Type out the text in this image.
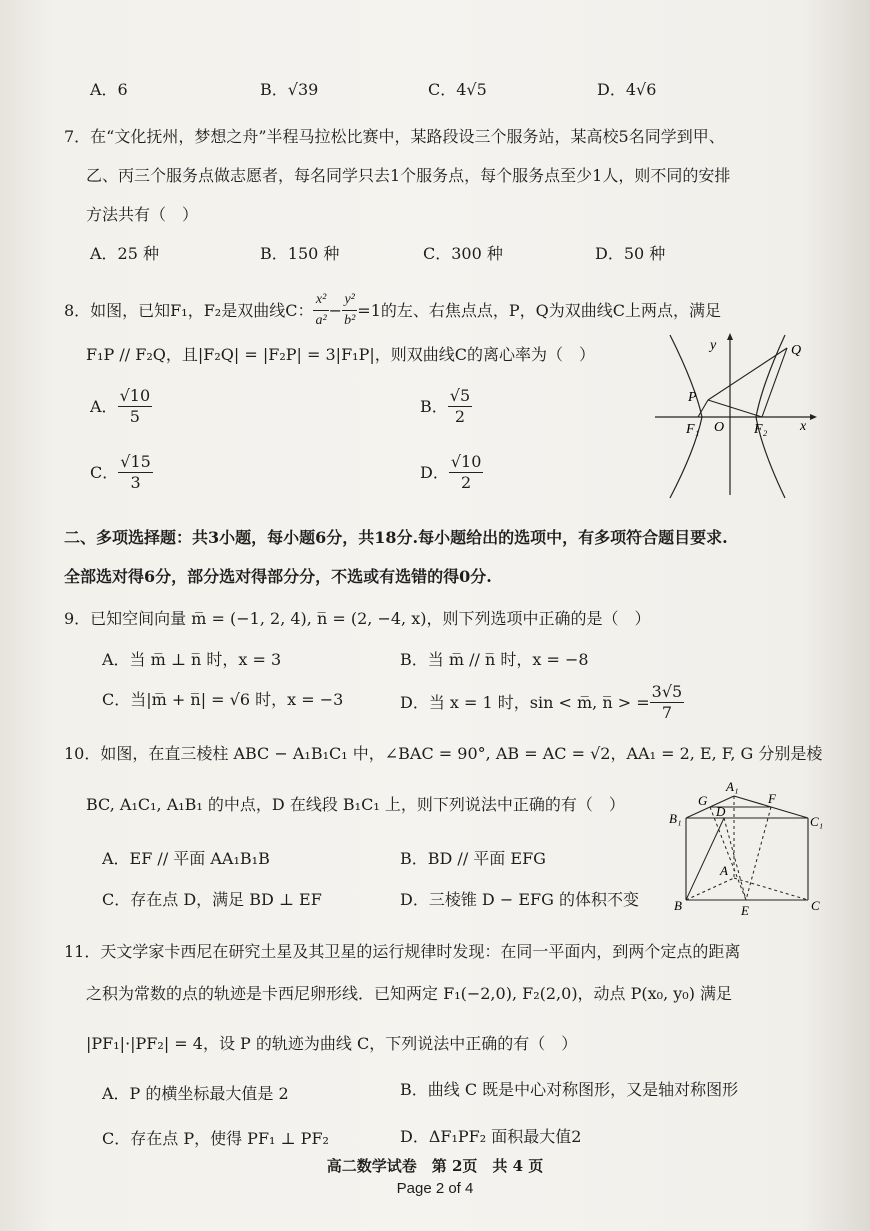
A．6	B．√39	C．4√5	D．4√6
7．在“文化抚州，梦想之舟”半程马拉松比赛中，某路段设三个服务站，某高校5名同学到甲、
乙、丙三个服务点做志愿者，每名同学只去1个服务点，每个服务点至少1人，则不同的安排
方法共有（　）
A．25 种	B．150 种	C．300 种	D．50 种
8．如图，已知F₁，F₂是双曲线C： $\frac{\text{x²}}{\text{a²}} - \frac{\text{y²}}{\text{b²}} =1$ 的左、右焦点点，P，Q为双曲线C上两点，满足
F₁P // F₂Q，且|F₂Q| = |F₂P| = 3|F₁P|，则双曲线C的离心率为（　）
A． $\frac{√10}{5}$	B． $\frac{√5}{2}$
C． $\frac{√15}{3}$	D． $\frac{√10}{2}$
y
x
Q
P
F₁ O F₂
二、多项选择题：共3小题，每小题6分，共18分.每小题给出的选项中，有多项符合题目要求.
全部选对得6分，部分选对得部分分，不选或有选错的得0分.
9．已知空间向量 m̅ = (−1, 2, 4), n̅ = (2, −4, x)，则下列选项中正确的是（　）
A．当 m̅ ⊥ n̅ 时，x = 3	B．当 m̅ // n̅ 时，x = −8
C．当|m̅ + n̅| = √6 时，x = −3	D．当 x = 1 时，sin < m̅, n̅ > = $\frac{3√5}{7}$
10．如图，在直三棱柱 ABC − A₁B₁C₁ 中，∠BAC = 90°, AB = AC = √2，AA₁ = 2, E, F, G 分别是棱
BC, A₁C₁, A₁B₁ 的中点，D 在线段 B₁C₁ 上，则下列说法中正确的有（　）
A．EF // 平面 AA₁B₁B	B．BD // 平面 EFG
C．存在点 D，满足 BD ⊥ EF	D．三棱锥 D − EFG 的体积不变
A₁
G	F
B₁	D
C₁
A
B	E	C
11．天文学家卡西尼在研究土星及其卫星的运行规律时发现：在同一平面内，到两个定点的距离
之积为常数的点的轨迹是卡西尼卵形线．已知两定 F₁(−2,0), F₂(2,0)，动点 P(x₀, y₀) 满足
|PF₁|·|PF₂| = 4，设 P 的轨迹为曲线 C，下列说法中正确的有（　）
A．P 的横坐标最大值是 2	B．曲线 C 既是中心对称图形，又是轴对称图形
C．存在点 P，使得 PF₁ ⊥ PF₂	D．ΔF₁PF₂ 面积最大值2
高二数学试卷　第 2页　共 4 页
Page 2 of 4
